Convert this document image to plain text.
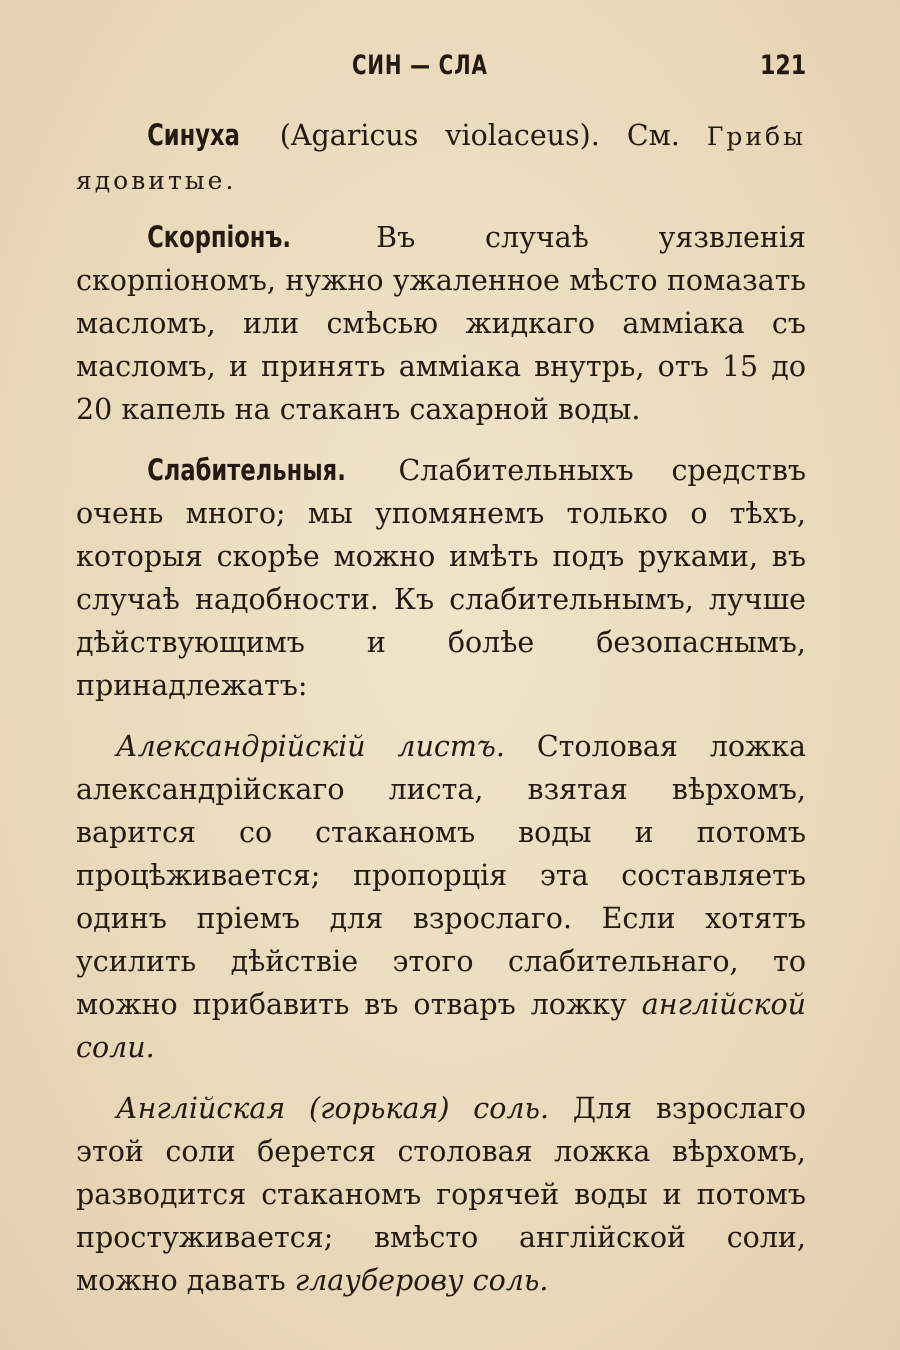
СИН — СЛА	121

Синуха (Agaricus violaceus). См. Грибы ядовитые.

Скорпіонъ.	Въ случаѣ уязвленія скорпіономъ, нужно ужаленное мѣсто помазать масломъ, или смѣсью жидкаго амміака съ масломъ, и принять амміака внутрь, отъ 15 до 20 капель на стаканъ сахарной воды.

Слабительныя. Слабительныхъ средствъ очень много; мы упомянемъ только о тѣхъ, которыя скорѣе можно имѣть подъ руками, въ случаѣ надобности. Къ слабительнымъ, лучше дѣйствующимъ и болѣе безопаснымъ, принадлежатъ:

Александрійскій листъ. Столовая ложка александрійскаго листа, взятая вѣрхомъ, варится со стаканомъ воды и потомъ процѣживается; пропорція эта составляетъ одинъ пріемъ для взрослаго. Если хотятъ усилить дѣйствіе этого слабительнаго, то можно прибавить въ отваръ ложку англійской соли.

Англійская (горькая) соль. Для взрослаго этой соли берется столовая ложка вѣрхомъ, разводится стаканомъ горячей воды и потомъ простуживается; вмѣсто англійской соли, можно давать глауберову соль.
